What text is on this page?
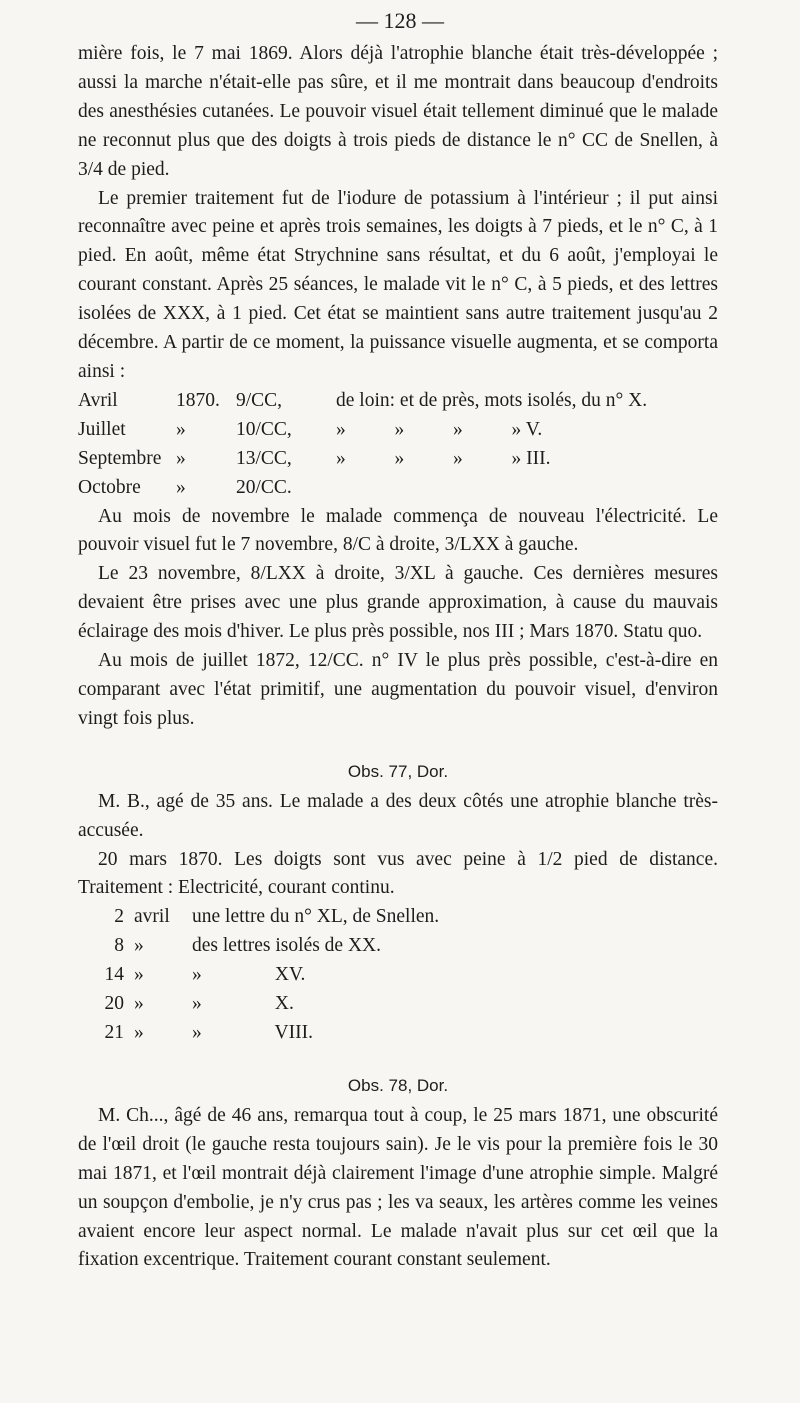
— 128 —

mière fois, le 7 mai 1869. Alors déjà l'atrophie blanche était très-développée ; aussi la marche n'était-elle pas sûre, et il me montrait dans beaucoup d'endroits des anesthésies cutanées. Le pouvoir visuel était tellement diminué que le malade ne reconnut plus que des doigts à trois pieds de distance le n° CC de Snellen, à 3/4 de pied.

Le premier traitement fut de l'iodure de potassium à l'intérieur ; il put ainsi reconnaître avec peine et après trois semaines, les doigts à 7 pieds, et le n° C, à 1 pied. En août, même état Strychnine sans résultat, et du 6 août, j'employai le courant constant. Après 25 séances, le malade vit le n° C, à 5 pieds, et des lettres isolées de XXX, à 1 pied. Cet état se maintient sans autre traitement jusqu'au 2 décembre. A partir de ce moment, la puissance visuelle augmenta, et se comporta ainsi :

Avril	1870. 9/CC,	de loin: et de près, mots isolés, du n° X.
Juillet	»	10/CC,	»          »          »          » V.
Septembre »	13/CC,	»          »          »          » III.
Octobre	»	20/CC.

Au mois de novembre le malade commença de nouveau l'électricité. Le pouvoir visuel fut le 7 novembre, 8/C à droite, 3/LXX à gauche.

Le 23 novembre, 8/LXX à droite, 3/XL à gauche. Ces dernières mesures devaient être prises avec une plus grande approximation, à cause du mauvais éclairage des mois d'hiver. Le plus près possible, nos III ; Mars 1870. Statu quo.

Au mois de juillet 1872, 12/CC. n° IV le plus près possible, c'est-à-dire en comparant avec l'état primitif, une augmentation du pouvoir visuel, d'environ vingt fois plus.

Obs. 77, Dor.

M. B., agé de 35 ans. Le malade a des deux côtés une atrophie blanche très-accusée.

20 mars 1870. Les doigts sont vus avec peine à 1/2 pied de distance. Traitement : Electricité, courant continu.

2 avril	une lettre du n° XL, de Snellen.
8 »	des lettres isolés de XX.
14 »	»               XV.
20 »	»               X.
21 »	»               VIII.
Obs. 78, Dor.

M. Ch..., âgé de 46 ans, remarqua tout à coup, le 25 mars 1871, une obscurité de l'œil droit (le gauche resta toujours sain). Je le vis pour la première fois le 30 mai 1871, et l'œil montrait déjà clairement l'image d'une atrophie simple. Malgré un soupçon d'embolie, je n'y crus pas ; les va seaux, les artères comme les veines avaient encore leur aspect normal. Le malade n'avait plus sur cet œil que la fixation excentrique. Traitement courant constant seulement.
